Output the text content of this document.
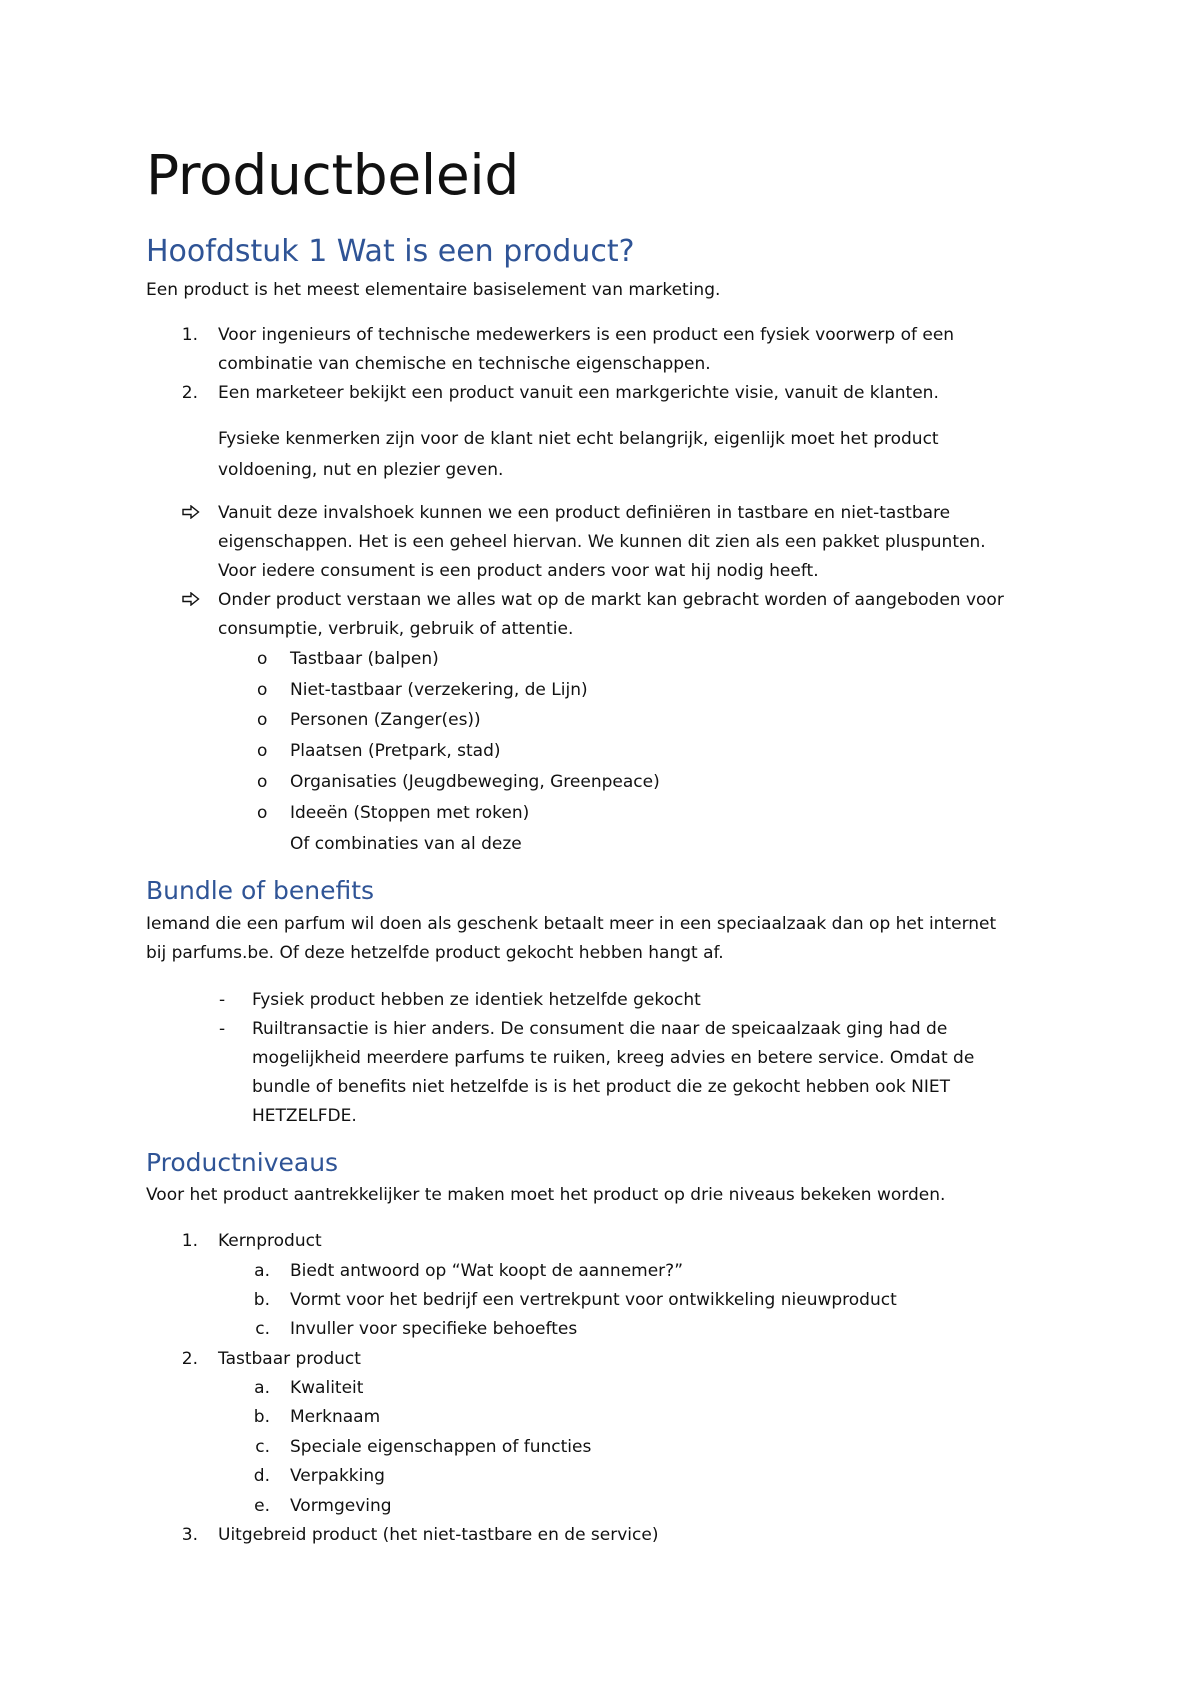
Productbeleid
Hoofdstuk 1 Wat is een product?
Een product is het meest elementaire basiselement van marketing.
1. Voor ingenieurs of technische medewerkers is een product een fysiek voorwerp of een
combinatie van chemische en technische eigenschappen.
2. Een marketeer bekijkt een product vanuit een markgerichte visie, vanuit de klanten.
Fysieke kenmerken zijn voor de klant niet echt belangrijk, eigenlijk moet het product
voldoening, nut en plezier geven.
Vanuit deze invalshoek kunnen we een product definiëren in tastbare en niet-tastbare
eigenschappen. Het is een geheel hiervan. We kunnen dit zien als een pakket pluspunten.
Voor iedere consument is een product anders voor wat hij nodig heeft.
Onder product verstaan we alles wat op de markt kan gebracht worden of aangeboden voor
consumptie, verbruik, gebruik of attentie.
o Tastbaar (balpen)
o Niet-tastbaar (verzekering, de Lijn)
o Personen (Zanger(es))
o Plaatsen (Pretpark, stad)
o Organisaties (Jeugdbeweging, Greenpeace)
o Ideeën (Stoppen met roken)
Of combinaties van al deze
Bundle of benefits
Iemand die een parfum wil doen als geschenk betaalt meer in een speciaalzaak dan op het internet
bij parfums.be. Of deze hetzelfde product gekocht hebben hangt af.
- Fysiek product hebben ze identiek hetzelfde gekocht
- Ruiltransactie is hier anders. De consument die naar de speicaalzaak ging had de
mogelijkheid meerdere parfums te ruiken, kreeg advies en betere service. Omdat de
bundle of benefits niet hetzelfde is is het product die ze gekocht hebben ook NIET
HETZELFDE.
Productniveaus
Voor het product aantrekkelijker te maken moet het product op drie niveaus bekeken worden.
1. Kernproduct
a. Biedt antwoord op “Wat koopt de aannemer?”
b. Vormt voor het bedrijf een vertrekpunt voor ontwikkeling nieuwproduct
c. Invuller voor specifieke behoeftes
2. Tastbaar product
a. Kwaliteit
b. Merknaam
c. Speciale eigenschappen of functies
d. Verpakking
e. Vormgeving
3. Uitgebreid product (het niet-tastbare en de service)
